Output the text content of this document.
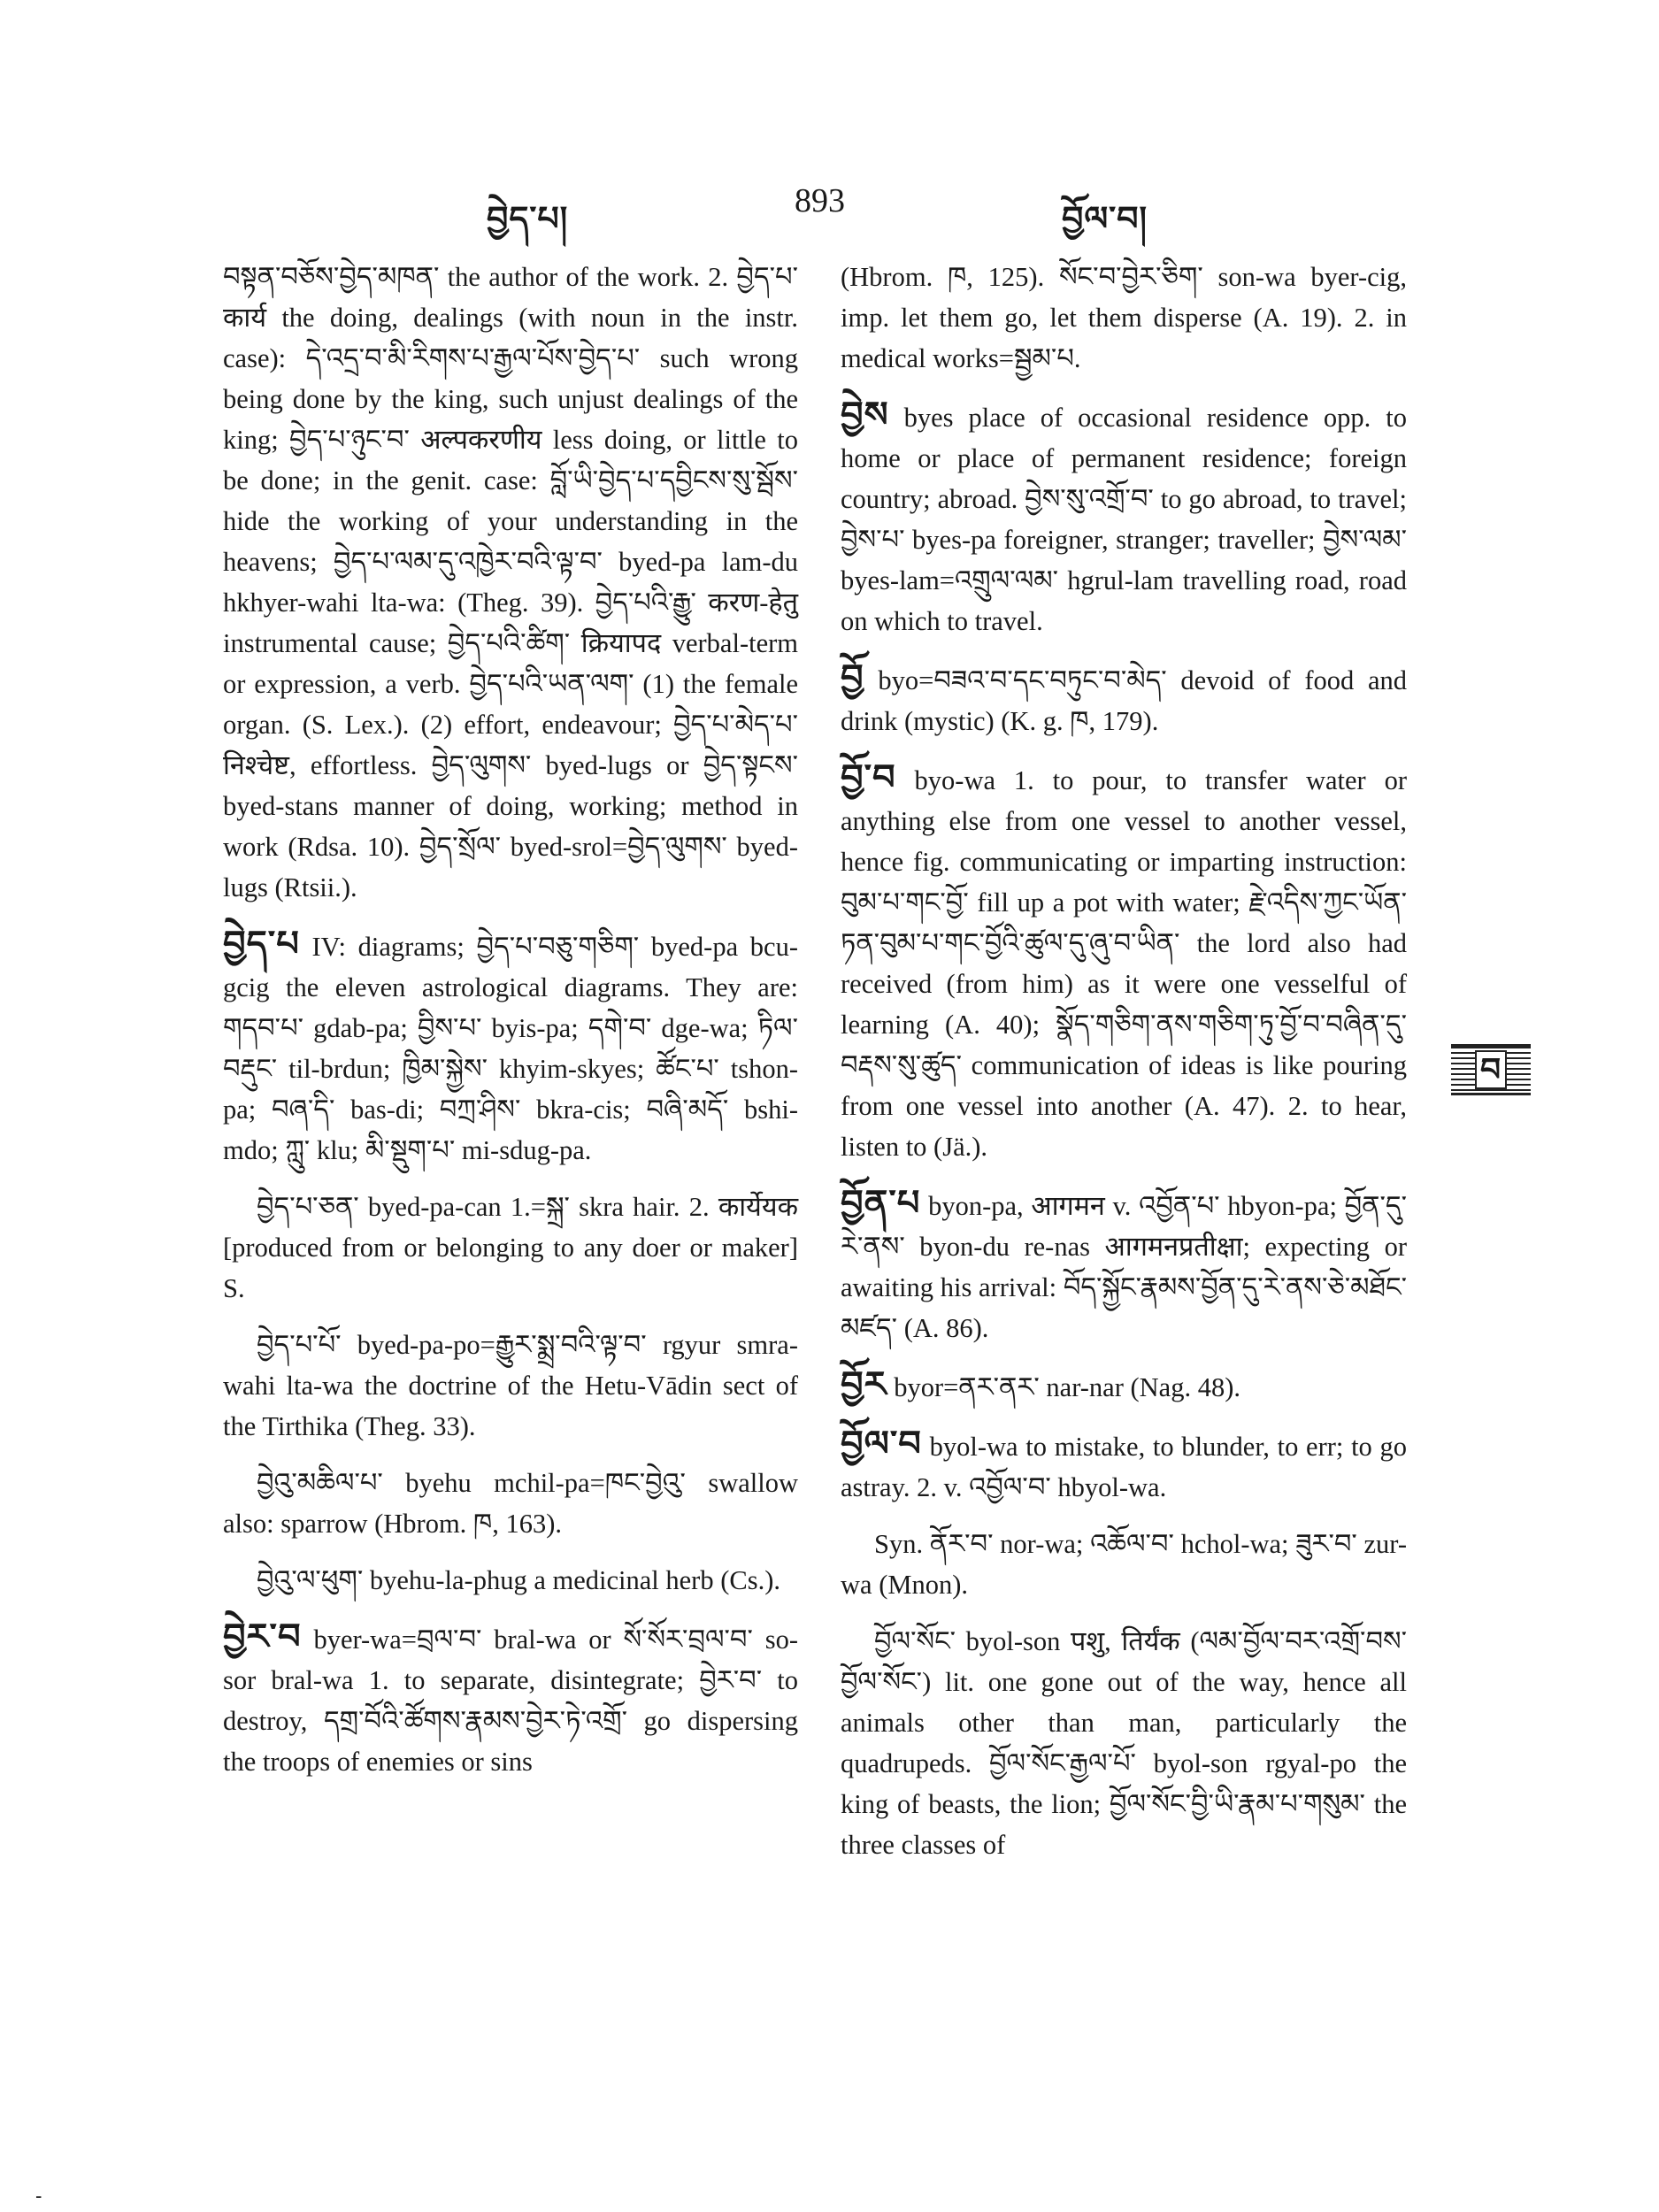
བྱེད་པ།	893	བྱོལ་བ།

བསྟན་བཅོས་བྱེད་མཁན་ the author of the work. 2. བྱེད་པ་ कार्य the doing, dealings (with noun in the instr. case): དེ་འདྲ་བ་མི་རིགས་པ་རྒྱལ་པོས་བྱེད་པ་ such wrong being done by the king, such unjust dealings of the king; བྱེད་པ་ཉུང་བ་ अल्पकरणीय less doing, or little to be done; in the genit. case: བློ་ཡི་བྱེད་པ་དབྱིངས་སུ་སྦོས་ hide the working of your understanding in the heavens; བྱེད་པ་ལམ་དུ་འཁྱེར་བའི་ལྟ་བ་ byed-pa lam-du hkhyer-wahi lta-wa: (Theg. 39). བྱེད་པའི་རྒྱུ་ करण-हेतु instrumental cause; བྱེད་པའི་ཚིག་ क्रियापद verbal-term or expression, a verb. བྱེད་པའི་ཡན་ལག་ (1) the female organ. (S. Lex.). (2) effort, endeavour; བྱེད་པ་མེད་པ་ निश्चेष्ट, effortless. བྱེད་ལུགས་ byed-lugs or བྱེད་སྟངས་ byed-stans manner of doing, working; method in work (Rdsa. 10). བྱེད་སྲོལ་ byed-srol=བྱེད་ལུགས་ byed-lugs (Rtsii.).

བྱེད་པ IV: diagrams; བྱེད་པ་བཅུ་གཅིག་ byed-pa bcu-gcig the eleven astrological diagrams. They are: གདབ་པ་ gdab-pa; བྱིས་པ་ byis-pa; དགེ་བ་ dge-wa; ཏིལ་བརྡུང་ til-brdun; ཁྱིམ་སྐྱེས་ khyim-skyes; ཚོང་པ་ tshon-pa; བཞ་དི་ bas-di; བཀྲ་ཤིས་ bkra-cis; བཞི་མདོ་ bshi-mdo; ཀླུ་ klu; མི་སྡུག་པ་ mi-sdug-pa.

བྱེད་པ་ཅན་ byed-pa-can 1.=སྐྲ་ skra hair. 2. कार्येयक [produced from or belonging to any doer or maker] S.

བྱེད་པ་པོ་ byed-pa-po=རྒྱུར་སྨྲ་བའི་ལྟ་བ་ rgyur smra-wahi lta-wa the doctrine of the Hetu-Vādin sect of the Tirthika (Theg. 33).

བྱེའུ་མཆིལ་པ་ byehu mchil-pa=ཁང་བྱེའུ་ swallow also: sparrow (Hbrom. ཁ, 163).

བྱེའུ་ལ་ཕུག་ byehu-la-phug a medicinal herb (Cs.).

བྱེར་བ byer-wa=བྲལ་བ་ bral-wa or སོ་སོར་བྲལ་བ་ so-sor bral-wa 1. to separate, disintegrate; བྱེར་བ་ to destroy, དགྲ་བོའི་ཚོགས་རྣམས་བྱེར་ཏེ་འགྲོ་ go dispersing the troops of enemies or sins

(Hbrom. ཁ, 125). སོང་བ་བྱེར་ཅིག་ son-wa byer-cig, imp. let them go, let them disperse (A. 19). 2. in medical works=སྦྱམ་པ.

བྱེས byes place of occasional residence opp. to home or place of permanent residence; foreign country; abroad. བྱེས་སུ་འགྲོ་བ་ to go abroad, to travel; བྱེས་པ་ byes-pa foreigner, stranger; traveller; བྱེས་ལམ་ byes-lam=འགྲུལ་ལམ་ hgrul-lam travelling road, road on which to travel.

བྱོ byo=བཟའ་བ་དང་བཏུང་བ་མེད་ devoid of food and drink (mystic) (K. g. ཁ, 179).

བྱོ་བ byo-wa 1. to pour, to transfer water or anything else from one vessel to another vessel, hence fig. communicating or imparting instruction: བུམ་པ་གང་བྱོ་ fill up a pot with water; རྗེ་འདིས་ཀྱང་ཡོན་ཏན་བུམ་པ་གང་བྱོའི་ཚུལ་དུ་ཞུ་བ་ཡིན་ the lord also had received (from him) as it were one vesselful of learning (A. 40); སྣོད་གཅིག་ནས་གཅིག་ཏུ་བྱོ་བ་བཞིན་དུ་བརྡས་སུ་ཚུད་ communication of ideas is like pouring from one vessel into another (A. 47). 2. to hear, listen to (Jä.).

བྱོན་པ byon-pa, आगमन v. འབྱོན་པ་ hbyon-pa; བྱོན་དུ་རེ་ནས་ byon-du re-nas आगमनप्रतीक्षा; expecting or awaiting his arrival: བོད་སྐྱོང་རྣམས་བྱོན་དུ་རེ་ནས་ཅེ་མཐོང་མཛད་ (A. 86).

བྱོར byor=ནར་ནར་ nar-nar (Nag. 48).

བྱོལ་བ byol-wa to mistake, to blunder, to err; to go astray. 2. v. འབྱོལ་བ་ hbyol-wa.

Syn. ནོར་བ་ nor-wa; འཆོལ་བ་ hchol-wa; ཟུར་བ་ zur-wa (Mnon).

བྱོལ་སོང་ byol-son पशु, तिर्यंक (ལམ་བྱོལ་བར་འགྲོ་བས་བྱོལ་སོང་) lit. one gone out of the way, hence all animals other than man, particularly the quadrupeds. བྱོལ་སོང་རྒྱལ་པོ་ byol-son rgyal-po the king of beasts, the lion; བྱོལ་སོང་བྱི་ཡི་རྣམ་པ་གསུམ་ the three classes of

བ
-
